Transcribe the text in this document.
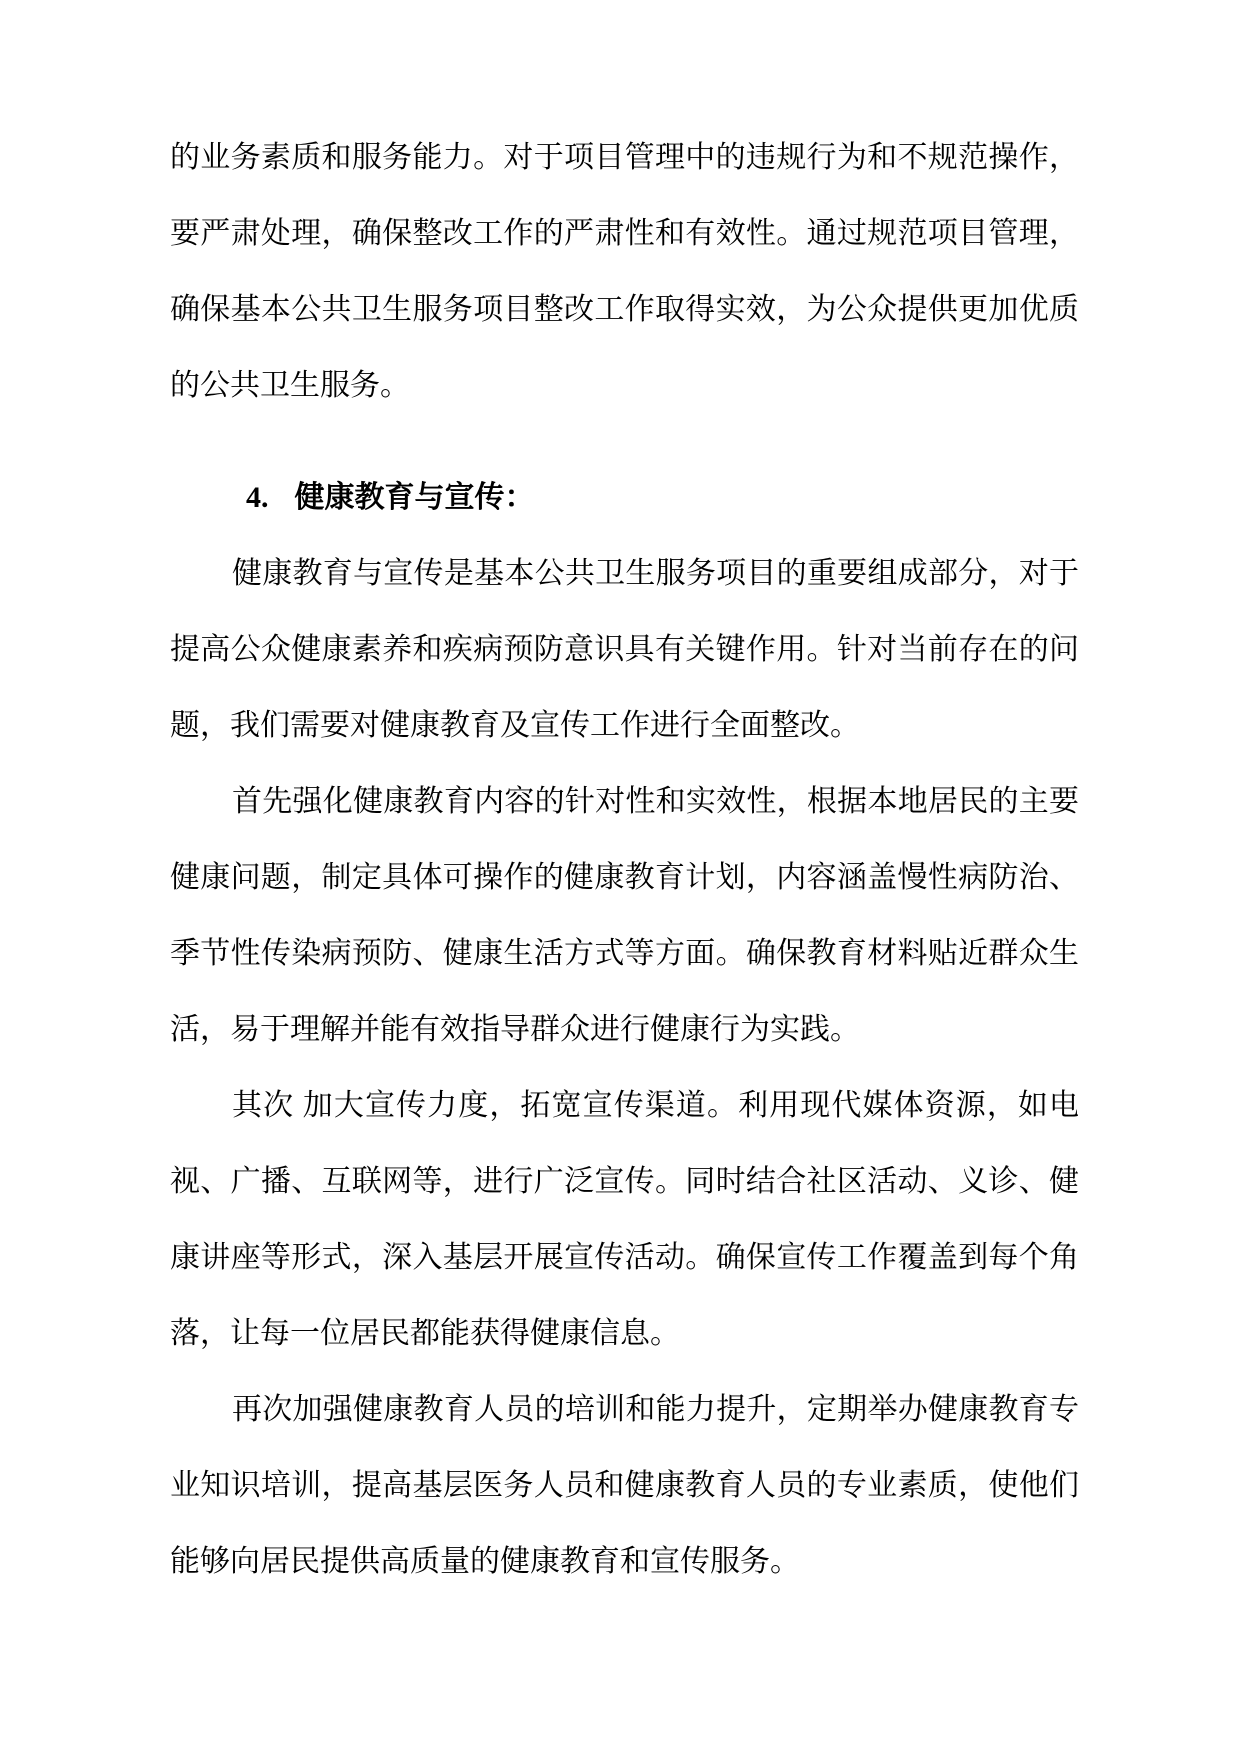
的业务素质和服务能力。对于项目管理中的违规行为和不规范操作，
要严肃处理，确保整改工作的严肃性和有效性。通过规范项目管理，
确保基本公共卫生服务项目整改工作取得实效，为公众提供更加优质
的公共卫生服务。
4. 健康教育与宣传：
健康教育与宣传是基本公共卫生服务项目的重要组成部分，对于
提高公众健康素养和疾病预防意识具有关键作用。针对当前存在的问
题，我们需要对健康教育及宣传工作进行全面整改。
首先强化健康教育内容的针对性和实效性，根据本地居民的主要
健康问题，制定具体可操作的健康教育计划，内容涵盖慢性病防治、
季节性传染病预防、健康生活方式等方面。确保教育材料贴近群众生
活，易于理解并能有效指导群众进行健康行为实践。
其次 加大宣传力度，拓宽宣传渠道。利用现代媒体资源，如电
视、广播、互联网等，进行广泛宣传。同时结合社区活动、义诊、健
康讲座等形式，深入基层开展宣传活动。确保宣传工作覆盖到每个角
落，让每一位居民都能获得健康信息。
再次加强健康教育人员的培训和能力提升，定期举办健康教育专
业知识培训，提高基层医务人员和健康教育人员的专业素质，使他们
能够向居民提供高质量的健康教育和宣传服务。
